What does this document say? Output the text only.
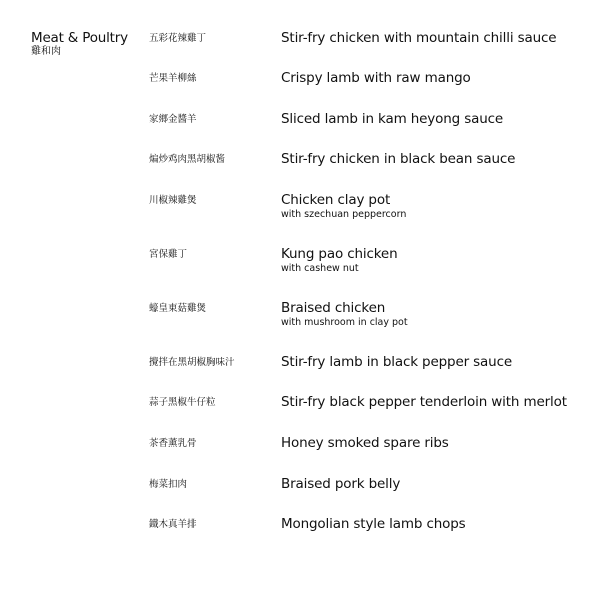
Meat & Poultry
雞和肉
五彩花辣雞丁	Stir-fry chicken with mountain chilli sauce
芒果羊柳絲	Crispy lamb with raw mango
家鄉金醬羊	Sliced lamb in kam heyong sauce
煸炒鸡肉黑胡椒酱	Stir-fry chicken in black bean sauce
川椒辣雞煲	Chicken clay pot
with szechuan peppercorn
宮保雞丁	Kung pao chicken
with cashew nut
蠔皇東菇雞煲	Braised chicken
with mushroom in clay pot
攪拌在黑胡椒胸味汁	Stir-fry lamb in black pepper sauce
蒜子黑椒牛仔粒	Stir-fry black pepper tenderloin with merlot
茶香薰乳骨	Honey smoked spare ribs
梅菜扣肉	Braised pork belly
鐵木真羊排	Mongolian style lamb chops
